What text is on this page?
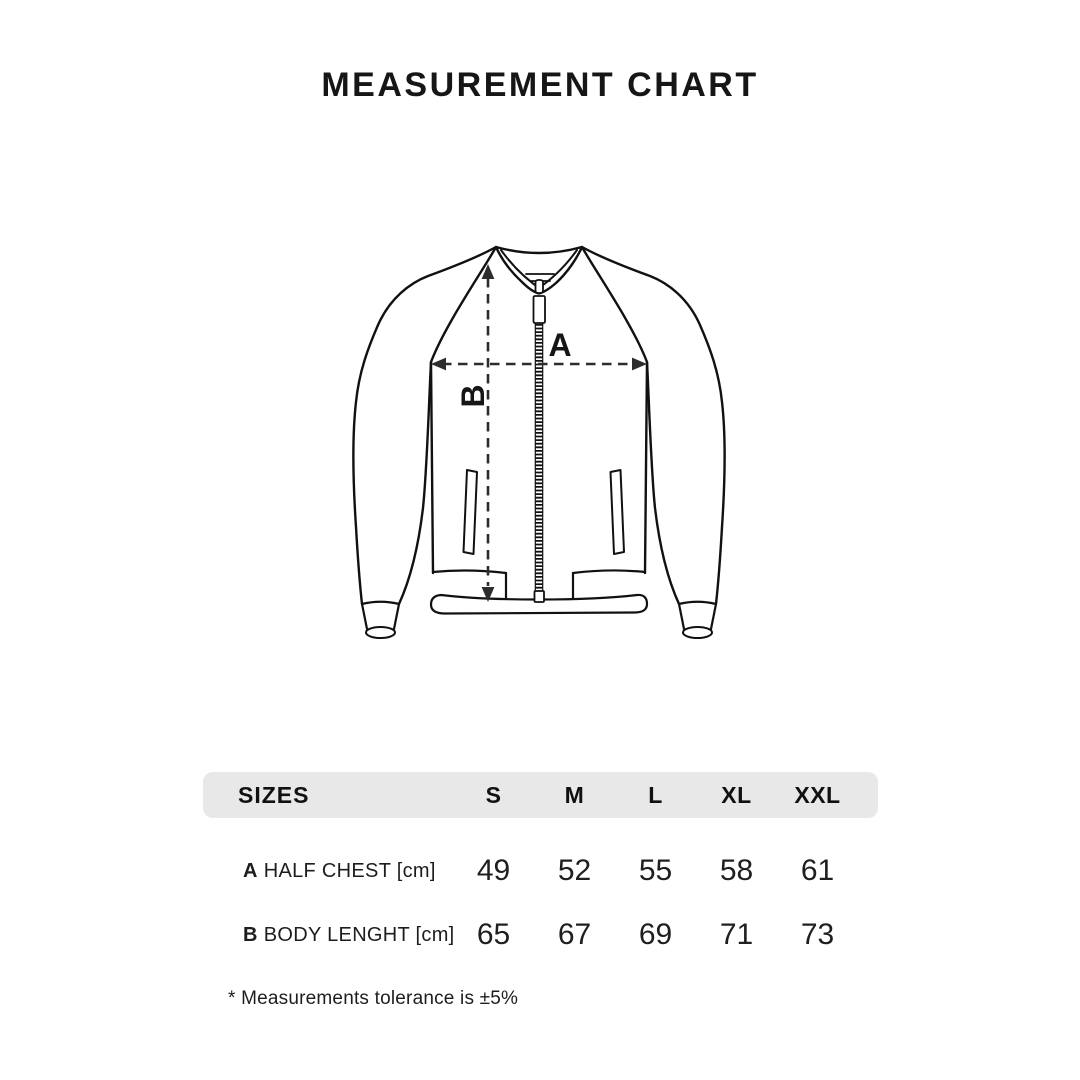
MEASUREMENT CHART
A
B
SIZES	S	M	L	XL	XXL
A HALF CHEST [cm]	49	52	55	58	61
B BODY LENGHT [cm] 65	67	69	71	73
* Measurements tolerance is ±5%
